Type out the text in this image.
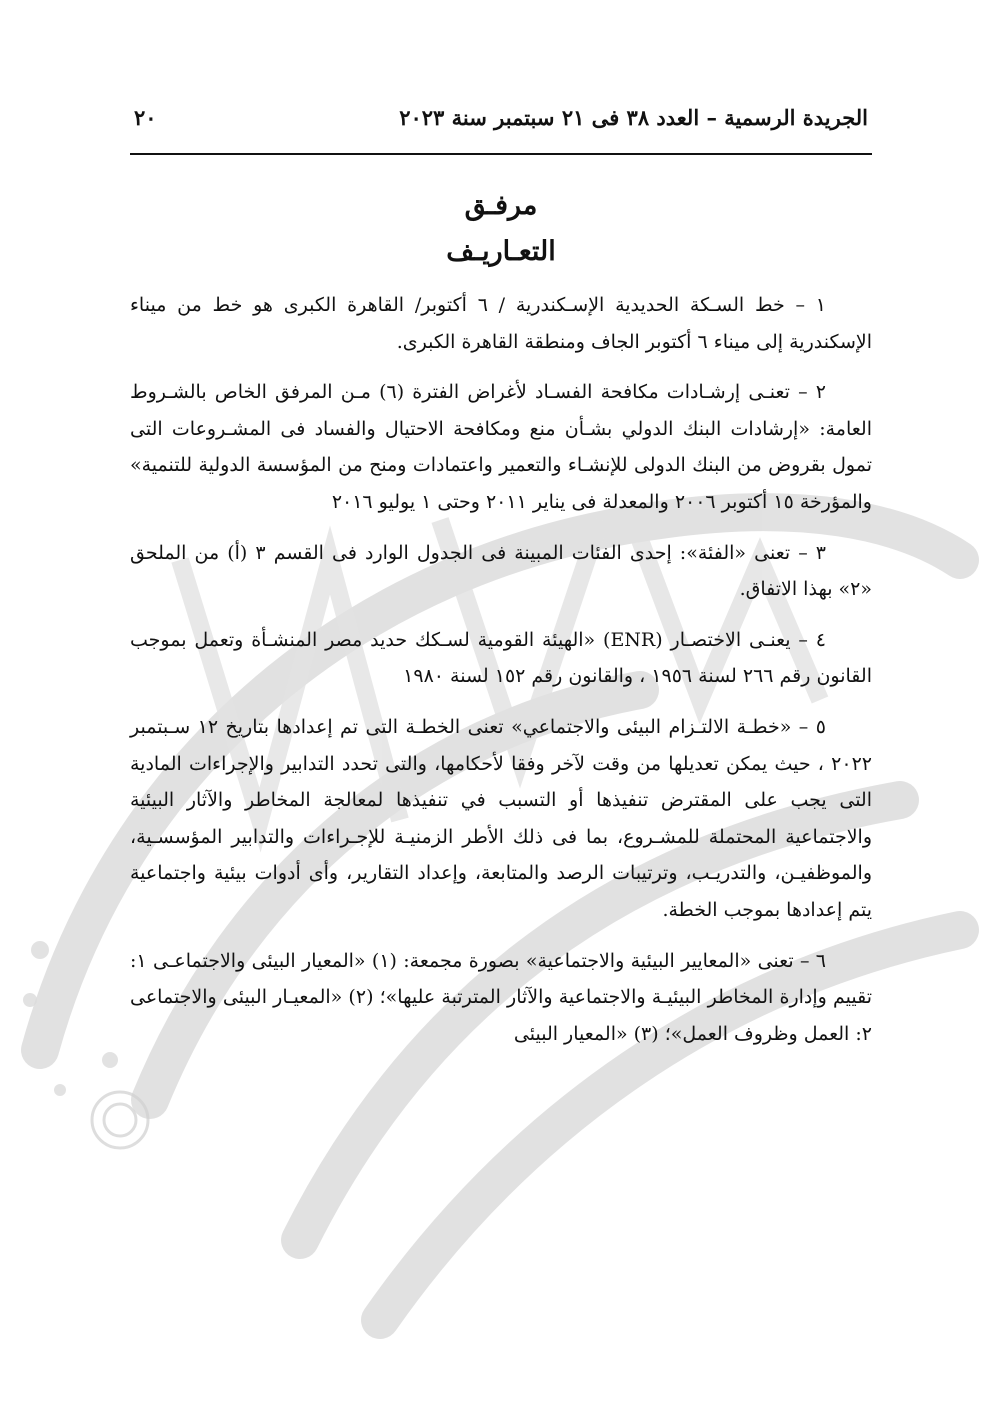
الجريدة الرسمية – العدد ٣٨ فى ٢١ سبتمبر سنة ٢٠٢٣
٢٠
مرفـق
التعـاريـف

١ – خط السـكة الحديدية الإسـكندرية / ٦ أكتوبر/ القاهرة الكبرى هو خط من ميناء الإسكندرية إلى ميناء ٦ أكتوبر الجاف ومنطقة القاهرة الكبرى.

٢ – تعنـى إرشـادات مكافحة الفسـاد لأغراض الفترة (٦) مـن المرفق الخاص بالشـروط العامة: «إرشادات البنك الدولي بشـأن منع ومكافحة الاحتيال والفساد فى المشـروعات التى تمول بقروض من البنك الدولى للإنشـاء والتعمير واعتمادات ومنح من المؤسسة الدولية للتنمية» والمؤرخة ١٥ أكتوبر ٢٠٠٦ والمعدلة فى يناير ٢٠١١ وحتى ١ يوليو ٢٠١٦

٣ – تعنى «الفئة»: إحدى الفئات المبينة فى الجدول الوارد فى القسم ٣ (أ) من الملحق «٢» بهذا الاتفاق.

٤ – يعنـى الاختصـار (ENR) «الهيئة القومية لسـكك حديد مصر المنشـأة وتعمل بموجب القانون رقم ٢٦٦ لسنة ١٩٥٦ ، والقانون رقم ١٥٢ لسنة ١٩٨٠

٥ – «خطـة الالتـزام البيئى والاجتماعي» تعنى الخطـة التى تم إعدادها بتاريخ ١٢ سـبتمبر ٢٠٢٢ ، حيث يمكن تعديلها من وقت لآخر وفقا لأحكامها، والتى تحدد التدابير والإجراءات المادية التى يجب على المقترض تنفيذها أو التسبب في تنفيذها لمعالجة المخاطر والآثار البيئية والاجتماعية المحتملة للمشـروع، بما فى ذلك الأطر الزمنيـة للإجـراءات والتدابير المؤسسـية، والموظفيـن، والتدريـب، وترتيبات الرصد والمتابعة، وإعداد التقارير، وأى أدوات بيئية واجتماعية يتم إعدادها بموجب الخطة.

٦ – تعنى «المعايير البيئية والاجتماعية» بصورة مجمعة: (١) «المعيار البيئى والاجتماعـى ١: تقييم وإدارة المخاطر البيئيـة والاجتماعية والآثار المترتبة عليها»؛ (٢) «المعيـار البيئى والاجتماعى ٢: العمل وظروف العمل»؛ (٣) «المعيار البيئى
